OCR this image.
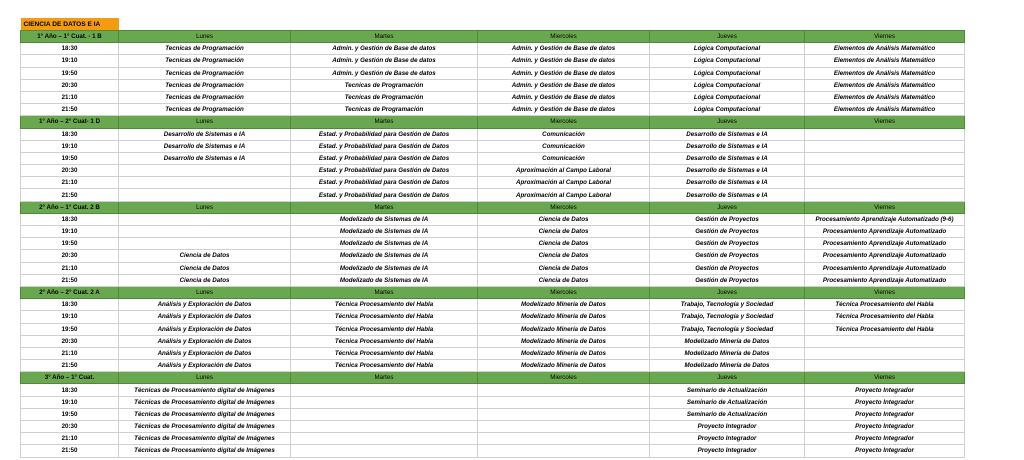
CIENCIA DE DATOS E IA					
1° Año – 1° Cuat. - 1 B	Lunes	Martes	Miercoles	Jueves	Viernes
18:30	Tecnicas de Programación	Admin. y Gestión de Base de datos	Admin. y Gestión de Base de datos	Lógica Computacional	Elementos de Análisis Matemático
19:10	Tecnicas de Programación	Admin. y Gestión de Base de datos	Admin. y Gestión de Base de datos	Lógica Computacional	Elementos de Análisis Matemático
19:50	Tecnicas de Programación	Admin. y Gestión de Base de datos	Admin. y Gestión de Base de datos	Lógica Computacional	Elementos de Análisis Matemático
20:30	Tecnicas de Programación	Tecnicas de Programación	Admin. y Gestión de Base de datos	Lógica Computacional	Elementos de Análisis Matemático
21:10	Tecnicas de Programación	Tecnicas de Programación	Admin. y Gestión de Base de datos	Lógica Computacional	Elementos de Análisis Matemático
21:50	Tecnicas de Programación	Tecnicas de Programación	Admin. y Gestión de Base de datos	Lógica Computacional	Elementos de Análisis Matemático
1° Año – 2° Cuat- 1 D	Lunes	Martes	Miercoles	Jueves	Viernes
18:30	Desarrollo de Sistemas e IA	Estad. y Probabilidad para Gestión de Datos	Comunicación	Desarrollo de Sistemas e IA	
19:10	Desarrollo de Sistemas e IA	Estad. y Probabilidad para Gestión de Datos	Comunicación	Desarrollo de Sistemas e IA	
19:50	Desarrollo de Sistemas e IA	Estad. y Probabilidad para Gestión de Datos	Comunicación	Desarrollo de Sistemas e IA	
20:30		Estad. y Probabilidad para Gestión de Datos	Aproximación al Campo Laboral	Desarrollo de Sistemas e IA	
21:10		Estad. y Probabilidad para Gestión de Datos	Aproximación al Campo Laboral	Desarrollo de Sistemas e IA	
21:50		Estad. y Probabilidad para Gestión de Datos	Aproximación al Campo Laboral	Desarrollo de Sistemas e IA	
2° Año – 1° Cuat. 2 B	Lunes	Martes	Miercoles	Jueves	Viernes
18:30		Modelizado de Sistemas de IA	Ciencia de Datos	Gestión de Proyectos	Procesamiento Aprendizaje Automatizado (9-6)
19:10		Modelizado de Sistemas de IA	Ciencia de Datos	Gestión de Proyectos	Procesamiento Aprendizaje Automatizado
19:50		Modelizado de Sistemas de IA	Ciencia de Datos	Gestión de Proyectos	Procesamiento Aprendizaje Automatizado
20:30	Ciencia de Datos	Modelizado de Sistemas de IA	Ciencia de Datos	Gestión de Proyectos	Procesamiento Aprendizaje Automatizado
21:10	Ciencia de Datos	Modelizado de Sistemas de IA	Ciencia de Datos	Gestión de Proyectos	Procesamiento Aprendizaje Automatizado
21:50	Ciencia de Datos	Modelizado de Sistemas de IA	Ciencia de Datos	Gestión de Proyectos	Procesamiento Aprendizaje Automatizado
2° Año – 2° Cuat. 2 A	Lunes	Martes	Miercoles	Jueves	Viernes
18:30	Análisis y Exploración de Datos	Técnica Procesamiento del Habla	Modelizado Minería de Datos	Trabajo, Tecnología y Sociedad	Técnica Procesamiento del Habla
19:10	Análisis y Exploración de Datos	Técnica Procesamiento del Habla	Modelizado Minería de Datos	Trabajo, Tecnología y Sociedad	Técnica Procesamiento del Habla
19:50	Análisis y Exploración de Datos	Técnica Procesamiento del Habla	Modelizado Minería de Datos	Trabajo, Tecnología y Sociedad	Técnica Procesamiento del Habla
20:30	Análisis y Exploración de Datos	Técnica Procesamiento del Habla	Modelizado Minería de Datos	Modelizado Minería de Datos	
21:10	Análisis y Exploración de Datos	Técnica Procesamiento del Habla	Modelizado Minería de Datos	Modelizado Minería de Datos	
21:50	Análisis y Exploración de Datos	Técnica Procesamiento del Habla	Modelizado Minería de Datos	Modelizado Minería de Datos	
3° Año – 1° Cuat.	Lunes	Martes	Miercoles	Jueves	Viernes
18:30	Técnicas de Procesamiento digital de Imágenes			Seminario de Actualización	Proyecto Integrador
19:10	Técnicas de Procesamiento digital de Imágenes			Seminario de Actualización	Proyecto Integrador
19:50	Técnicas de Procesamiento digital de Imágenes			Seminario de Actualización	Proyecto Integrador
20:30	Técnicas de Procesamiento digital de Imágenes			Proyecto Integrador	Proyecto Integrador
21:10	Técnicas de Procesamiento digital de Imágenes			Proyecto Integrador	Proyecto Integrador
21:50	Técnicas de Procesamiento digital de Imágenes			Proyecto Integrador	Proyecto Integrador
